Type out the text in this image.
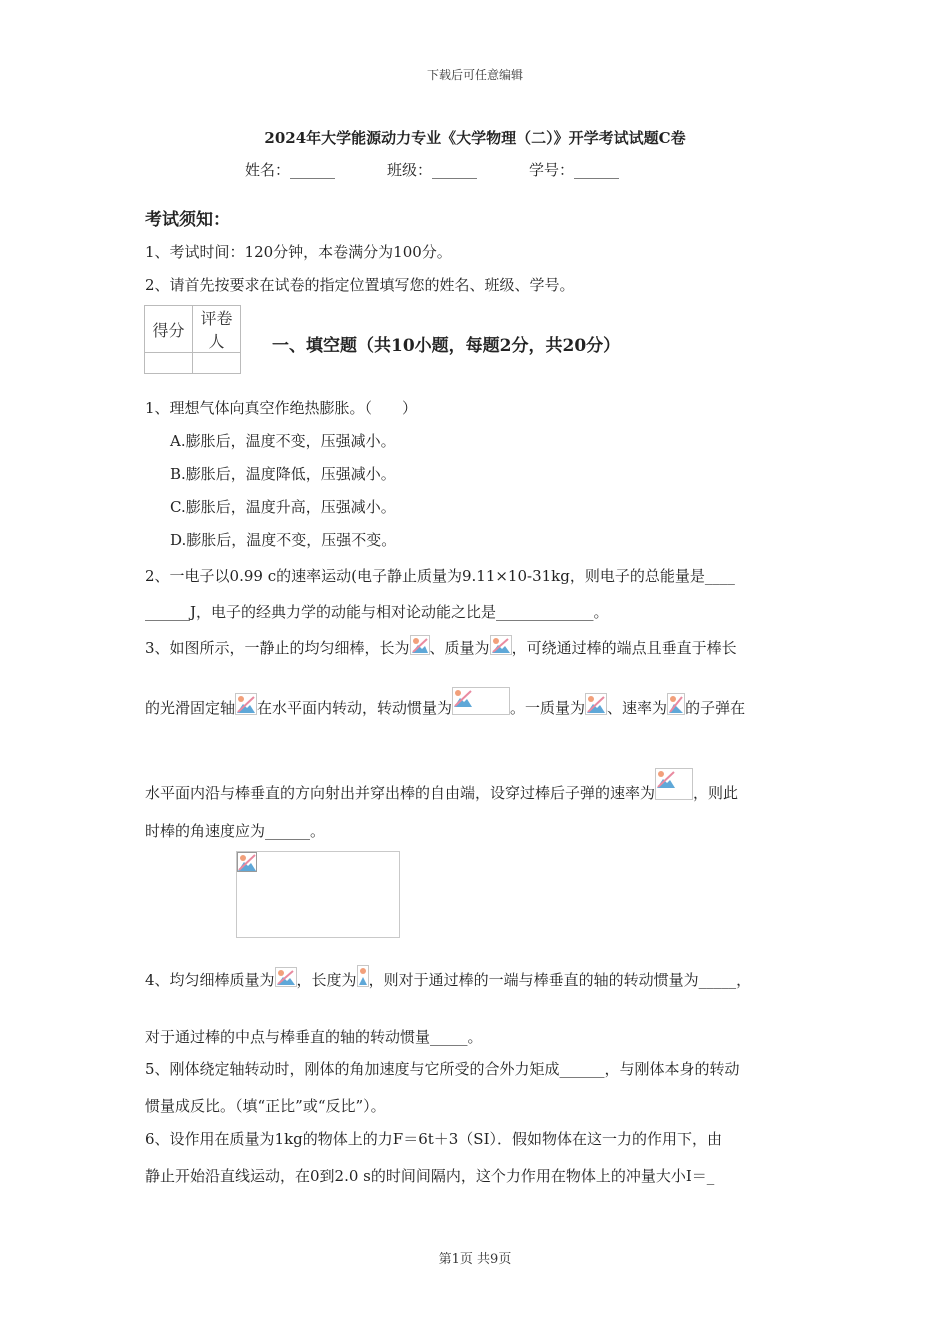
下载后可任意编辑
2024年大学能源动力专业《大学物理（二）》开学考试试题C卷
姓名：______	班级：______	学号：______
考试须知：
1、考试时间：120分钟，本卷满分为100分。
2、请首先按要求在试卷的指定位置填写您的姓名、班级、学号。
得分	评卷人
		一、填空题（共10小题，每题2分，共20分）
1、理想气体向真空作绝热膨胀。（　　）
A.膨胀后，温度不变，压强减小。
B.膨胀后，温度降低，压强减小。
C.膨胀后，温度升高，压强减小。
D.膨胀后，温度不变，压强不变。
2、一电子以0.99 c的速率运动(电子静止质量为9.11×10-31kg，则电子的总能量是____
______J，电子的经典力学的动能与相对论动能之比是_____________。
3、如图所示，一静止的均匀细棒，长为 、质量为 ，可绕通过棒的端点且垂直于棒长
的光滑固定轴 在水平面内转动，转动惯量为	。一质量为 、速率为 的子弹在
水平面内沿与棒垂直的方向射出并穿出棒的自由端，设穿过棒后子弹的速率为	，则此
时棒的角速度应为______。
4、均匀细棒质量为 ，长度为 ，则对于通过棒的一端与棒垂直的轴的转动惯量为_____，
对于通过棒的中点与棒垂直的轴的转动惯量_____。
5、刚体绕定轴转动时，刚体的角加速度与它所受的合外力矩成______，与刚体本身的转动
惯量成反比。（填“正比”或“反比”）。
6、设作用在质量为1kg的物体上的力F＝6t＋3（SI）．假如物体在这一力的作用下，由
静止开始沿直线运动，在0到2.0 s的时间间隔内，这个力作用在物体上的冲量大小I＝_
第1页 共9页
